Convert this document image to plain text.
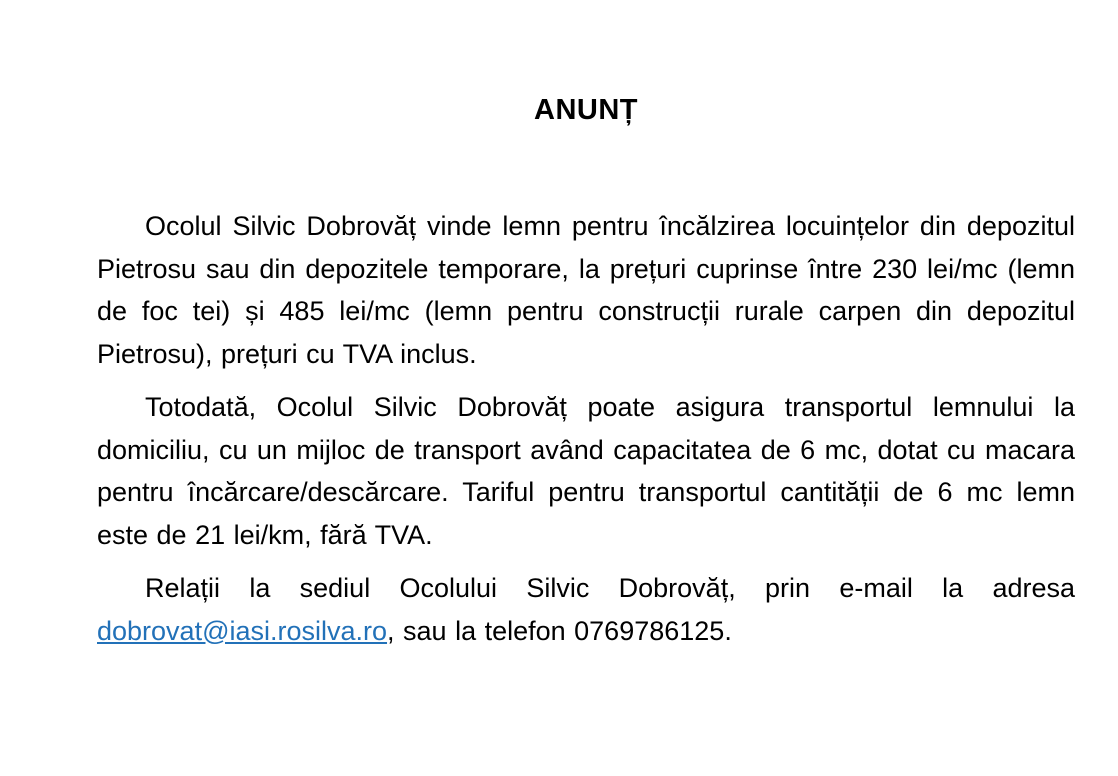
ANUNȚ

Ocolul Silvic Dobrovăț vinde lemn pentru încălzirea locuințelor din depozitul Pietrosu sau din depozitele temporare, la prețuri cuprinse între 230 lei/mc (lemn de foc tei) și 485 lei/mc (lemn pentru construcții rurale carpen din depozitul Pietrosu), prețuri cu TVA inclus.

Totodată, Ocolul Silvic Dobrovăț poate asigura transportul lemnului la domiciliu, cu un mijloc de transport având capacitatea de 6 mc, dotat cu macara pentru încărcare/descărcare. Tariful pentru transportul cantității de 6 mc lemn este de 21 lei/km, fără TVA.

Relații la sediul Ocolului Silvic Dobrovăț, prin e-mail la adresa dobrovat@iasi.rosilva.ro, sau la telefon 0769786125.
